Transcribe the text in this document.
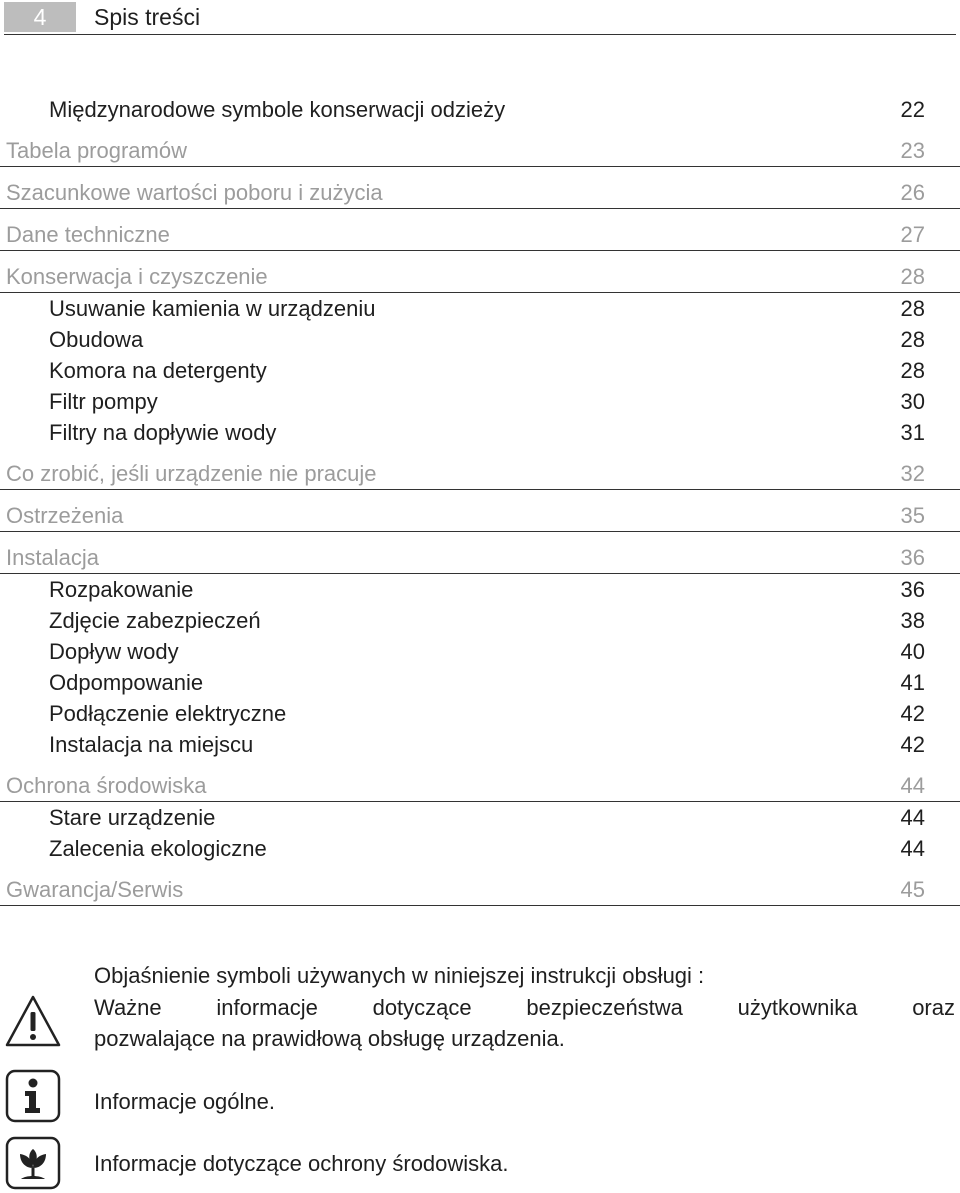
4	Spis treści
Międzynarodowe symbole konserwacji odzieży	22
Tabela programów	23
Szacunkowe wartości poboru i zużycia	26
Dane techniczne	27
Konserwacja i czyszczenie	28
Usuwanie kamienia w urządzeniu	28
Obudowa	28
Komora na detergenty	28
Filtr pompy	30
Filtry na dopływie wody	31
Co zrobić, jeśli urządzenie nie pracuje	32
Ostrzeżenia	35
Instalacja	36
Rozpakowanie	36
Zdjęcie zabezpieczeń	38
Dopływ wody	40
Odpompowanie	41
Podłączenie elektryczne	42
Instalacja na miejscu	42
Ochrona środowiska	44
Stare urządzenie	44
Zalecenia ekologiczne	44
Gwarancja/Serwis	45
Objaśnienie symboli używanych w niniejszej instrukcji obsługi :
Ważne informacje dotyczące bezpieczeństwa użytkownika oraz
pozwalające na prawidłową obsługę urządzenia.
Informacje ogólne.
Informacje dotyczące ochrony środowiska.
